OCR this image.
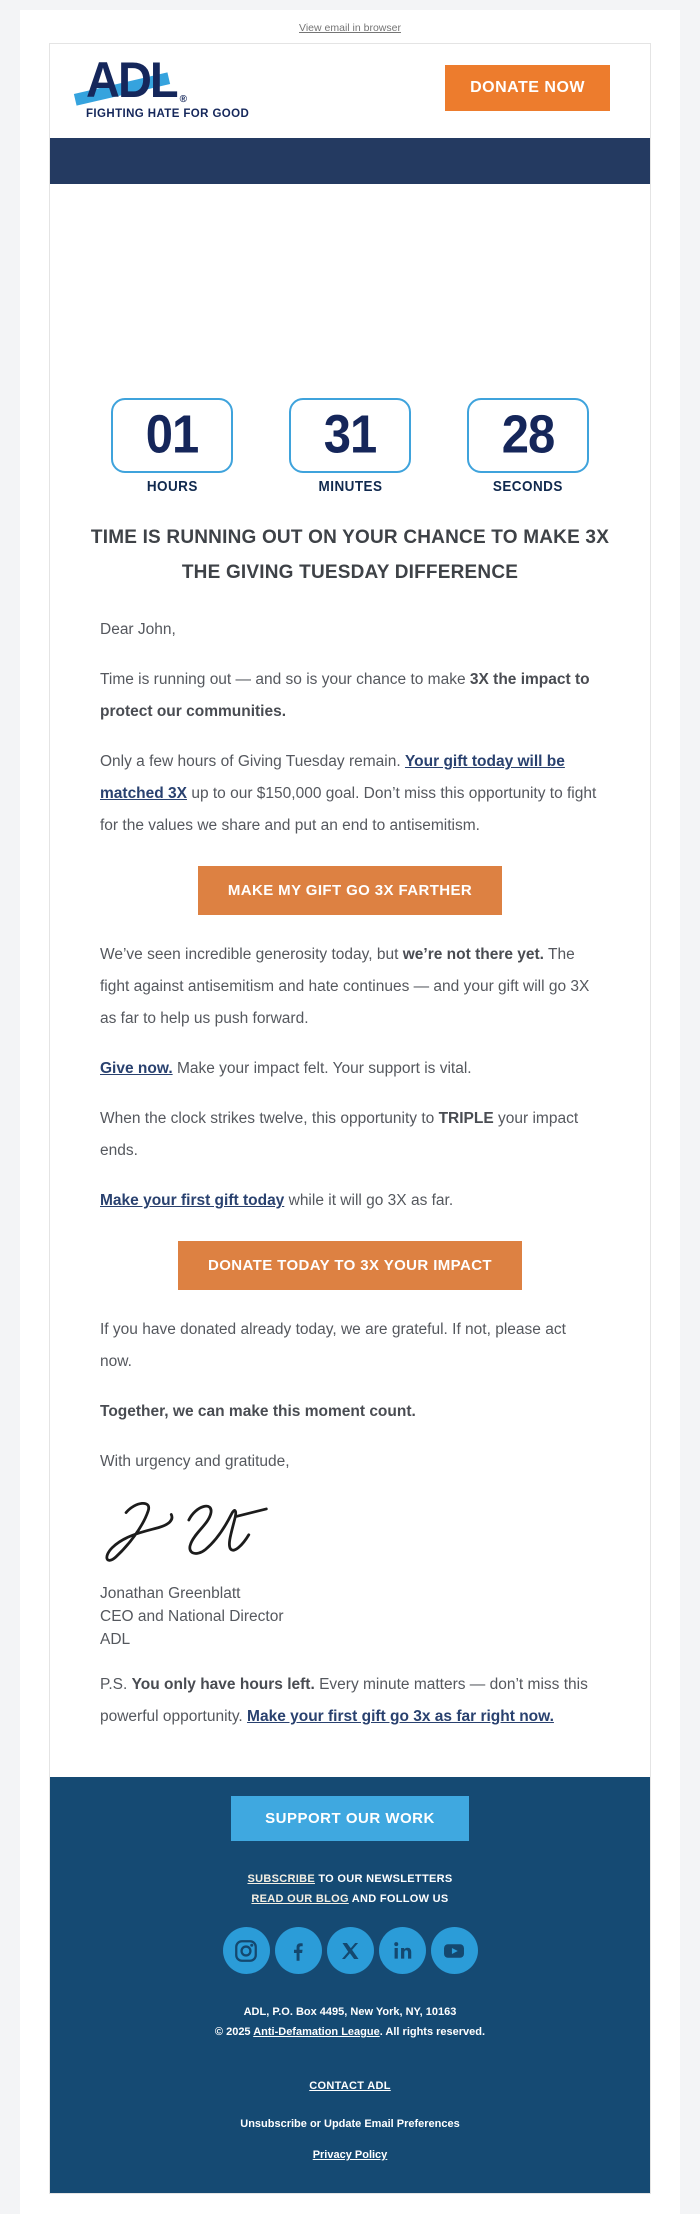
View email in browser
ADL $_®$
FIGHTING HATE FOR GOOD
DONATE NOW
01
HOURS
31
MINUTES
28
SECONDS
TIME IS RUNNING OUT ON YOUR CHANCE TO MAKE 3X THE GIVING TUESDAY DIFFERENCE

Dear John,

Time is running out — and so is your chance to make 3X the impact to protect our communities.

Only a few hours of Giving Tuesday remain. Your gift today will be matched 3X up to our $150,000 goal. Don’t miss this opportunity to fight for the values we share and put an end to antisemitism.

MAKE MY GIFT GO 3X FARTHER

We’ve seen incredible generosity today, but we’re not there yet. The fight against antisemitism and hate continues — and your gift will go 3X as far to help us push forward.

Give now. Make your impact felt. Your support is vital.

When the clock strikes twelve, this opportunity to TRIPLE your impact ends.

Make your first gift today while it will go 3X as far.

DONATE TODAY TO 3X YOUR IMPACT

If you have donated already today, we are grateful. If not, please act now.

Together, we can make this moment count.

With urgency and gratitude,

Jonathan Greenblatt
CEO and National Director
ADL

P.S. You only have hours left. Every minute matters — don’t miss this powerful opportunity. Make your first gift go 3x as far right now.

SUPPORT OUR WORK
SUBSCRIBE TO OUR NEWSLETTERS
READ OUR BLOG AND FOLLOW US
ADL, P.O. Box 4495, New York, NY, 10163
© 2025 Anti-Defamation League. All rights reserved.
CONTACT ADL
Unsubscribe or Update Email Preferences
Privacy Policy
